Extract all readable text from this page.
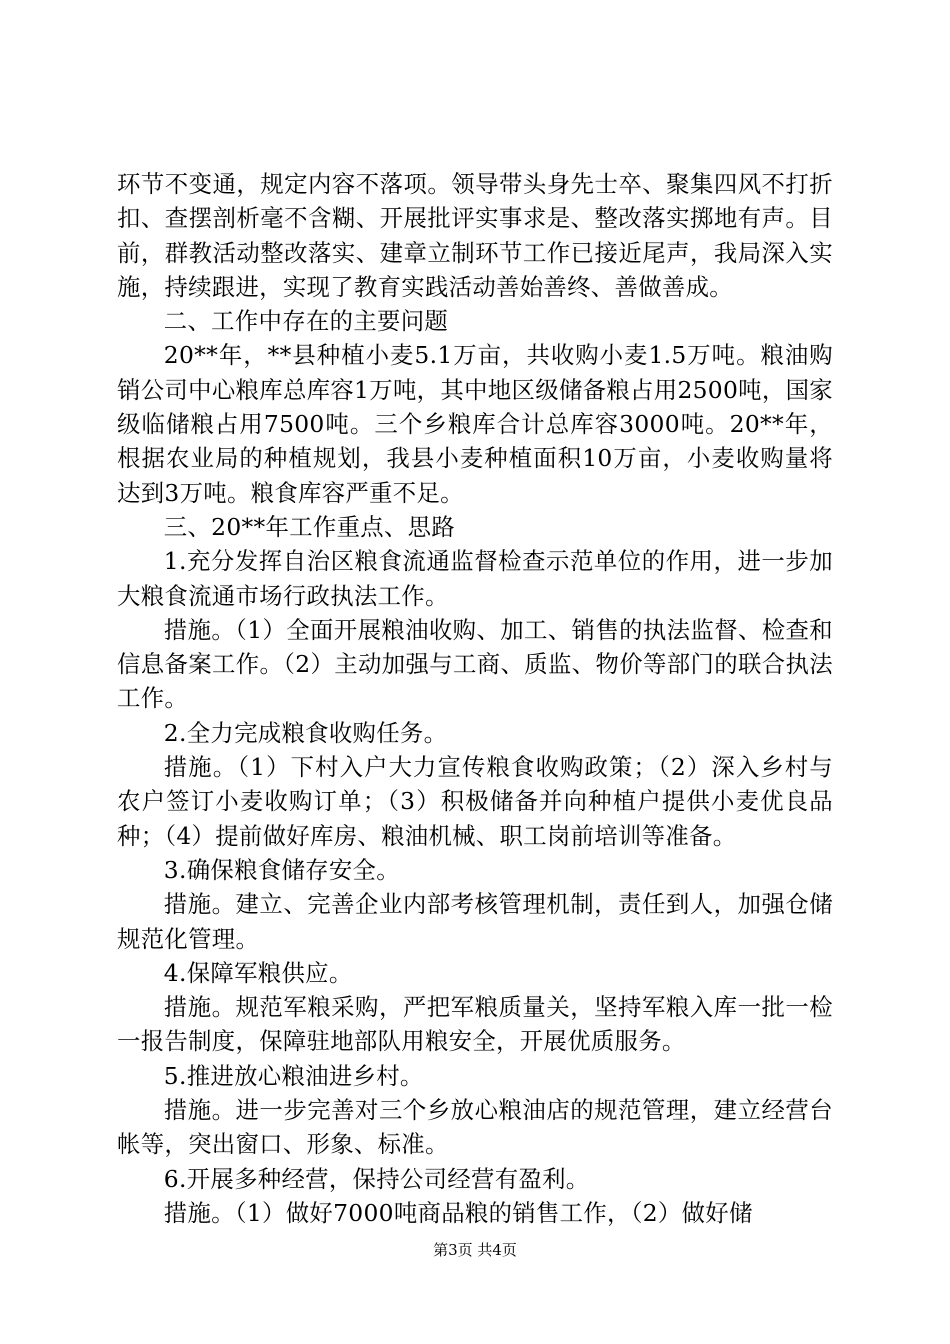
环节不变通，规定内容不落项。领导带头身先士卒、聚集四风不打折扣、查摆剖析毫不含糊、开展批评实事求是、整改落实掷地有声。目前，群教活动整改落实、建章立制环节工作已接近尾声，我局深入实施，持续跟进，实现了教育实践活动善始善终、善做善成。

二、工作中存在的主要问题

20**年，**县种植小麦5.1万亩，共收购小麦1.5万吨。粮油购销公司中心粮库总库容1万吨，其中地区级储备粮占用2500吨，国家级临储粮占用7500吨。三个乡粮库合计总库容3000吨。20**年，根据农业局的种植规划，我县小麦种植面积10万亩，小麦收购量将达到3万吨。粮食库容严重不足。

三、20**年工作重点、思路

1.充分发挥自治区粮食流通监督检查示范单位的作用，进一步加大粮食流通市场行政执法工作。

措施。（1）全面开展粮油收购、加工、销售的执法监督、检查和信息备案工作。（2）主动加强与工商、质监、物价等部门的联合执法工作。

2.全力完成粮食收购任务。

措施。（1）下村入户大力宣传粮食收购政策；（2）深入乡村与农户签订小麦收购订单；（3）积极储备并向种植户提供小麦优良品种；（4）提前做好库房、粮油机械、职工岗前培训等准备。

3.确保粮食储存安全。

措施。建立、完善企业内部考核管理机制，责任到人，加强仓储规范化管理。

4.保障军粮供应。

措施。规范军粮采购，严把军粮质量关，坚持军粮入库一批一检一报告制度，保障驻地部队用粮安全，开展优质服务。

5.推进放心粮油进乡村。

措施。进一步完善对三个乡放心粮油店的规范管理，建立经营台帐等，突出窗口、形象、标准。

6.开展多种经营，保持公司经营有盈利。

措施。（1）做好7000吨商品粮的销售工作，（2）做好储

第3页 共4页
